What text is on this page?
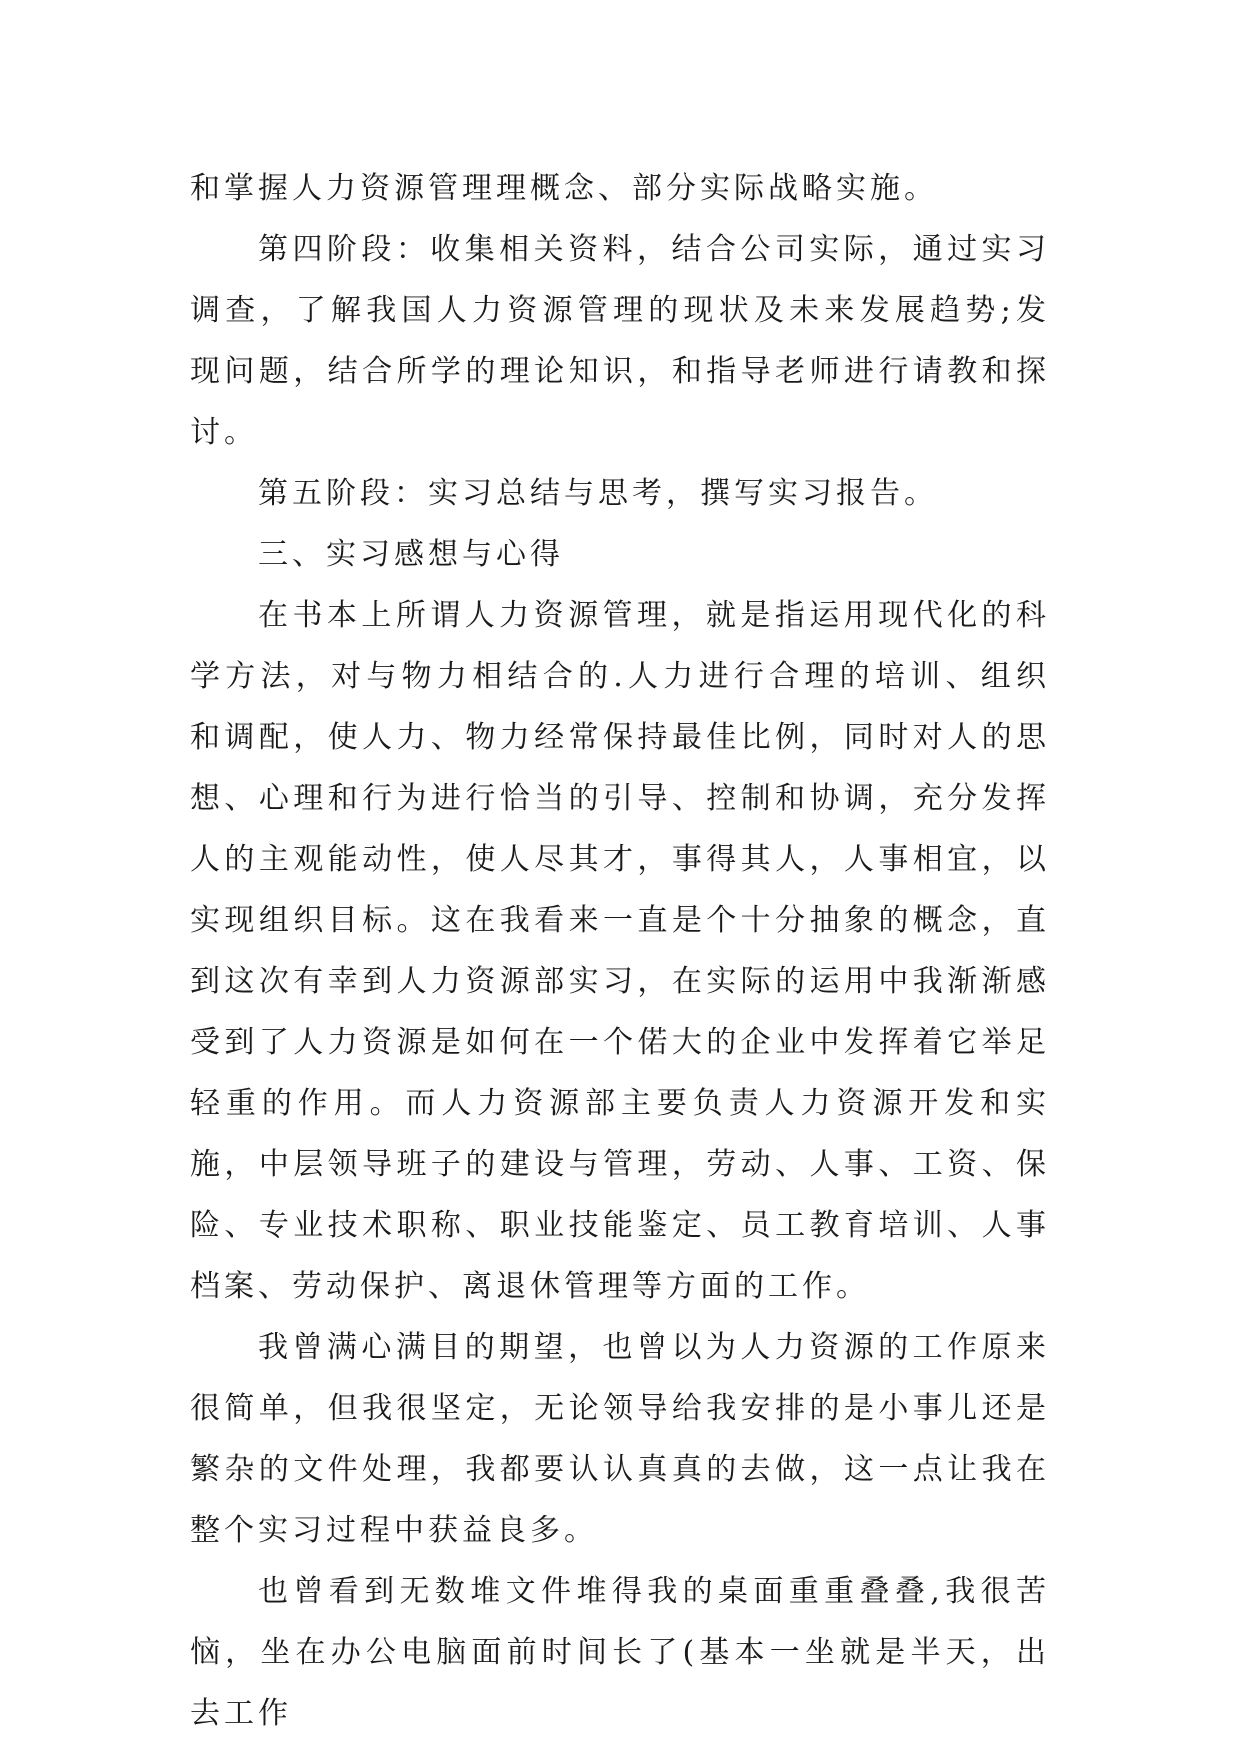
和掌握人力资源管理理概念、部分实际战略实施。

第四阶段：收集相关资料，结合公司实际，通过实习调查，了解我国人力资源管理的现状及未来发展趋势;发现问题，结合所学的理论知识，和指导老师进行请教和探讨。

第五阶段：实习总结与思考，撰写实习报告。

三、实习感想与心得

在书本上所谓人力资源管理，就是指运用现代化的科学方法，对与物力相结合的.人力进行合理的培训、组织和调配，使人力、物力经常保持最佳比例，同时对人的思想、心理和行为进行恰当的引导、控制和协调，充分发挥人的主观能动性，使人尽其才，事得其人，人事相宜，以实现组织目标。这在我看来一直是个十分抽象的概念，直到这次有幸到人力资源部实习，在实际的运用中我渐渐感受到了人力资源是如何在一个偌大的企业中发挥着它举足轻重的作用。而人力资源部主要负责人力资源开发和实施，中层领导班子的建设与管理，劳动、人事、工资、保险、专业技术职称、职业技能鉴定、员工教育培训、人事档案、劳动保护、离退休管理等方面的工作。

我曾满心满目的期望，也曾以为人力资源的工作原来很简单，但我很坚定，无论领导给我安排的是小事儿还是繁杂的文件处理，我都要认认真真的去做，这一点让我在整个实习过程中获益良多。

也曾看到无数堆文件堆得我的桌面重重叠叠,我很苦恼，坐在办公电脑面前时间长了(基本一坐就是半天，出去工作
